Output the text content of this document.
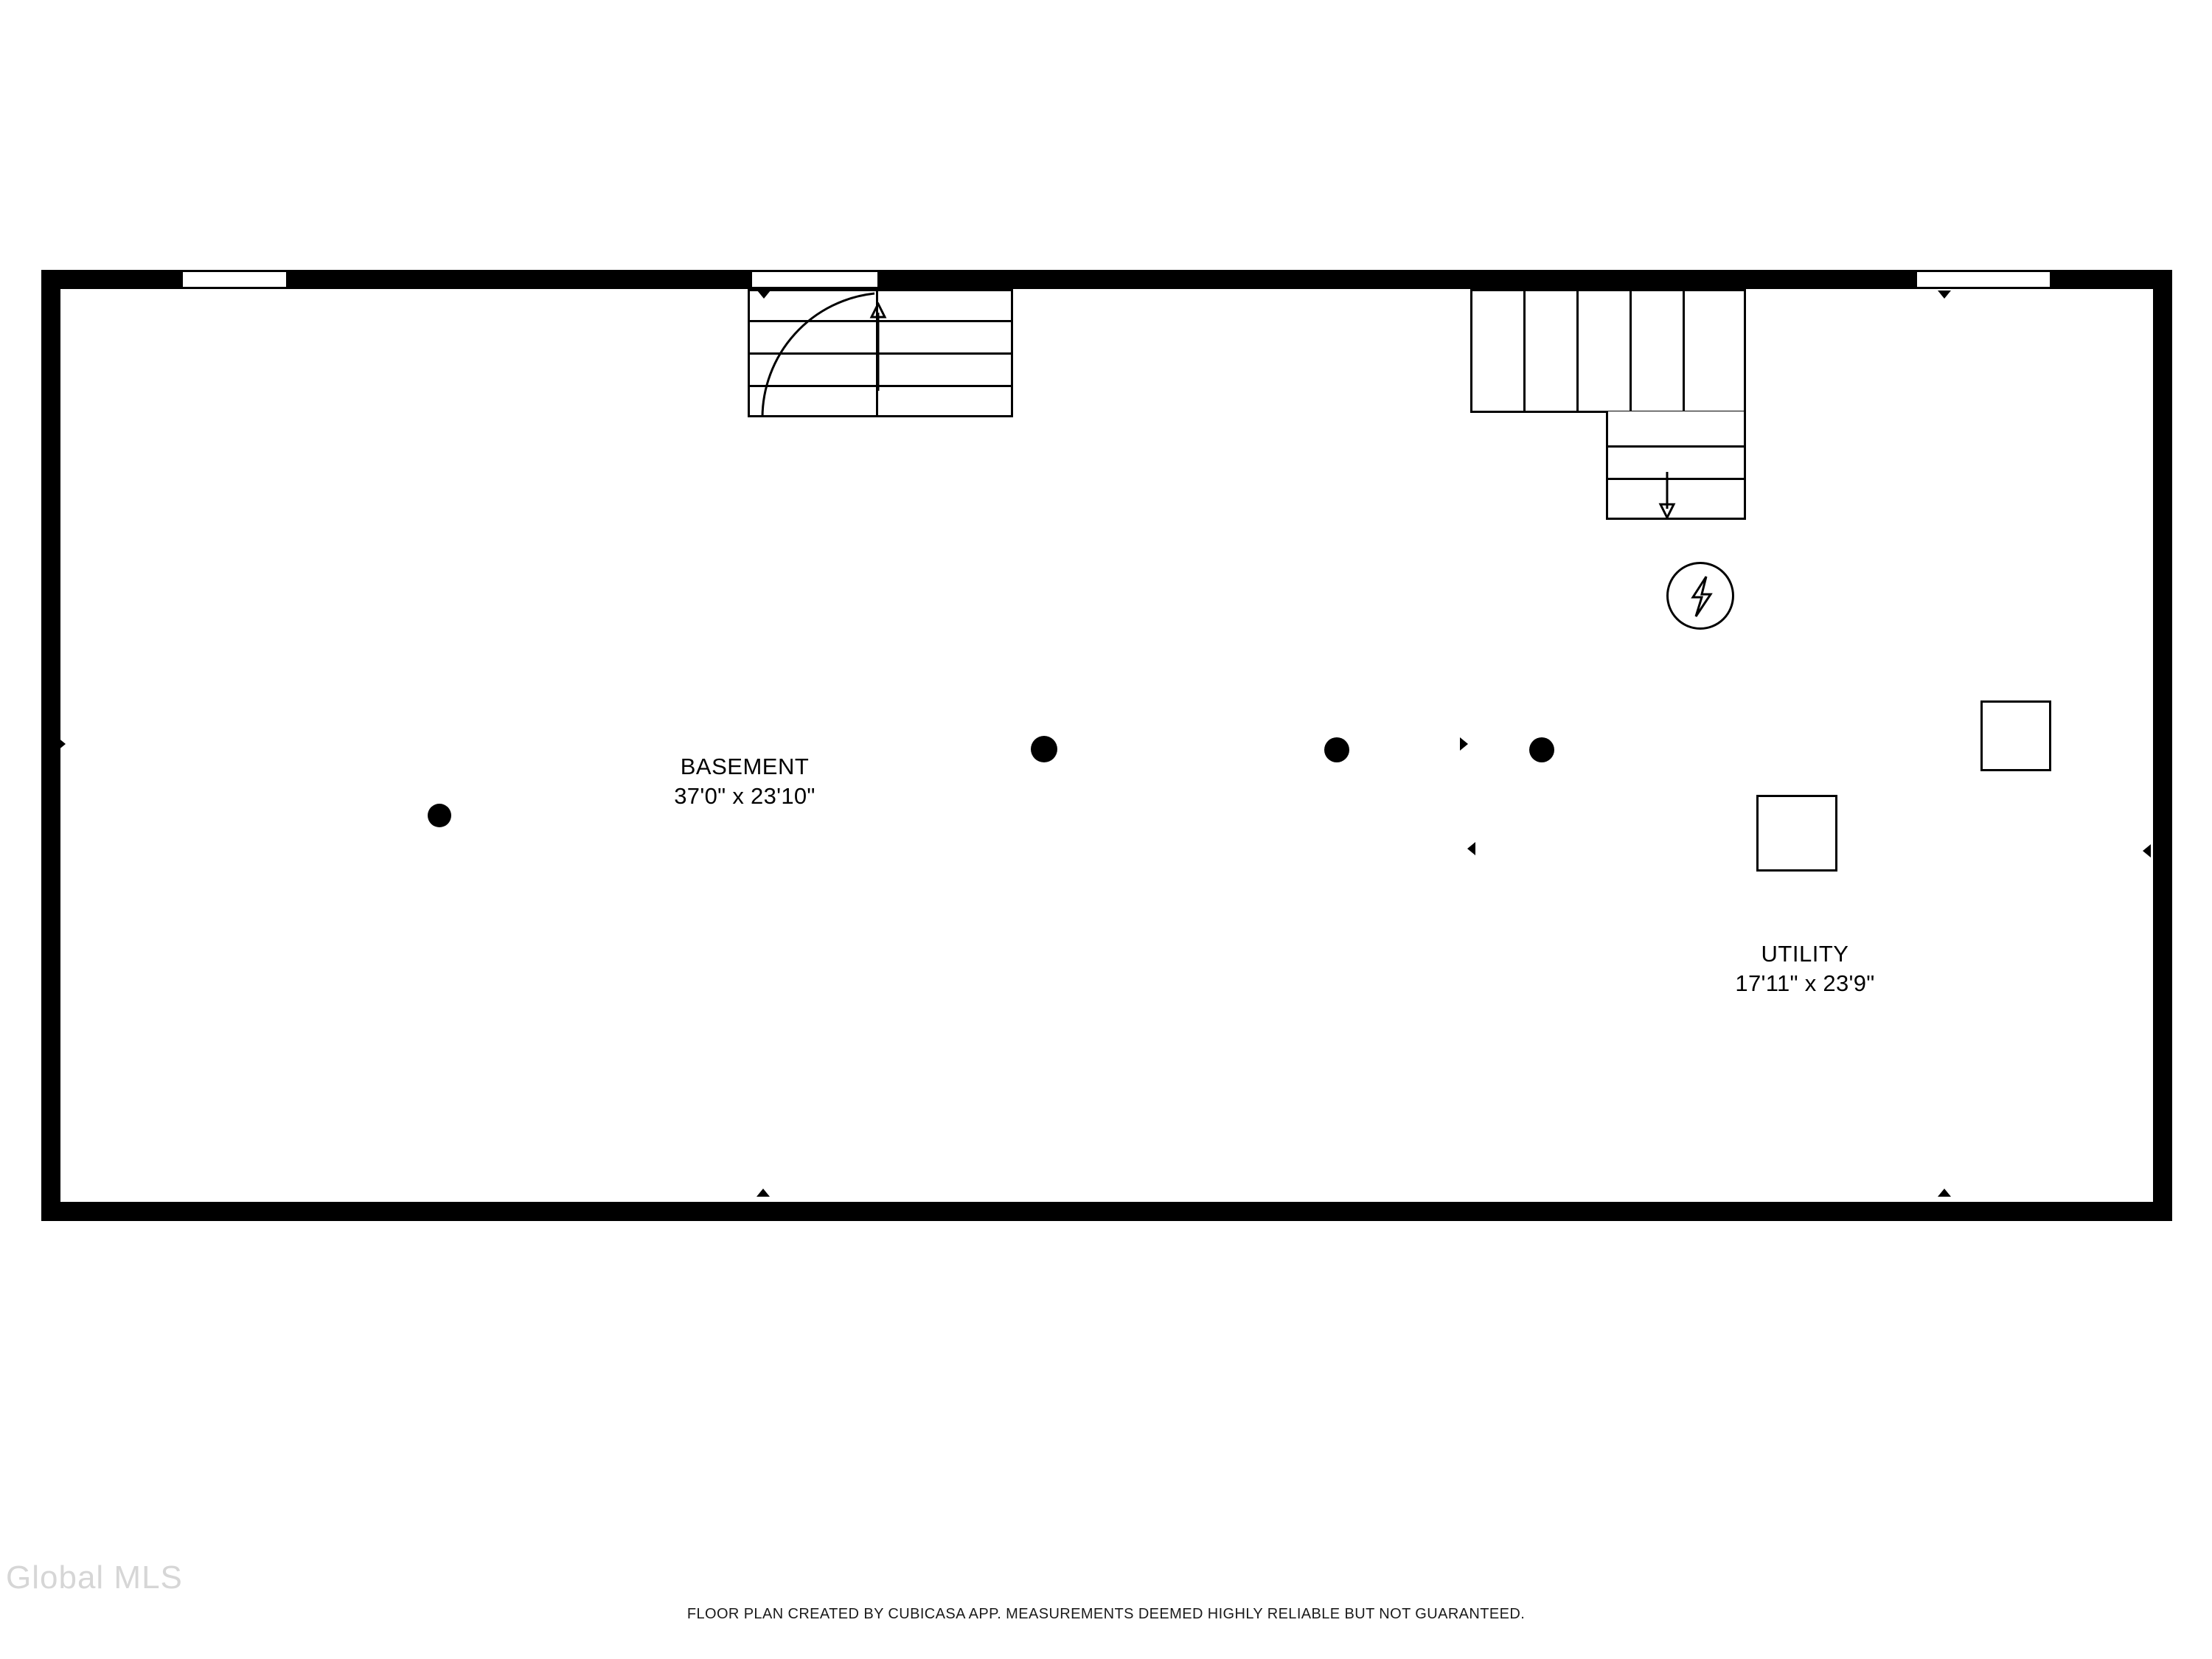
BASEMENT
37'0" x 23'10"
UTILITY
17'11" x 23'9"
Global MLS
FLOOR PLAN CREATED BY CUBICASA APP. MEASUREMENTS DEEMED HIGHLY RELIABLE BUT NOT GUARANTEED.
